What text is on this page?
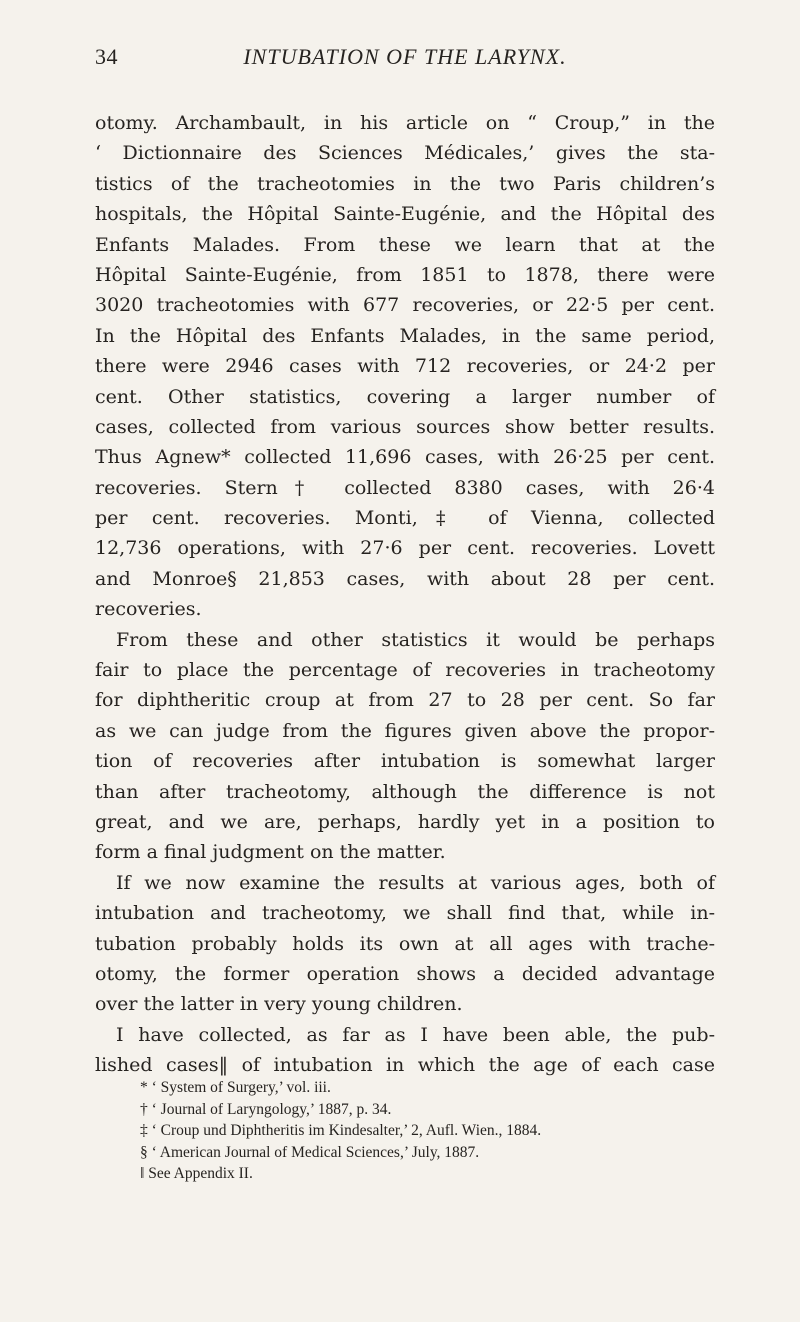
34	INTUBATION OF THE LARYNX.
otomy. Archambault, in his article on “ Croup,” in the
‘ Dictionnaire des Sciences Médicales,’ gives the sta-
tistics of the tracheotomies in the two Paris children’s
hospitals, the Hôpital Sainte-Eugénie, and the Hôpital des
Enfants Malades. From these we learn that at the
Hôpital Sainte-Eugénie, from 1851 to 1878, there were
3020 tracheotomies with 677 recoveries, or 22·5 per cent.
In the Hôpital des Enfants Malades, in the same period,
there were 2946 cases with 712 recoveries, or 24·2 per
cent. Other statistics, covering a larger number of
cases, collected from various sources show better results.
Thus Agnew* collected 11,696 cases, with 26·25 per cent.
recoveries. Stern† collected 8380 cases, with 26·4
per cent. recoveries. Monti,‡ of Vienna, collected
12,736 operations, with 27·6 per cent. recoveries. Lovett
and Monroe§ 21,853 cases, with about 28 per cent.
recoveries.
From these and other statistics it would be perhaps
fair to place the percentage of recoveries in tracheotomy
for diphtheritic croup at from 27 to 28 per cent. So far
as we can judge from the figures given above the propor-
tion of recoveries after intubation is somewhat larger
than after tracheotomy, although the difference is not
great, and we are, perhaps, hardly yet in a position to
form a final judgment on the matter.
If we now examine the results at various ages, both of
intubation and tracheotomy, we shall find that, while in-
tubation probably holds its own at all ages with trache-
otomy, the former operation shows a decided advantage
over the latter in very young children.
I have collected, as far as I have been able, the pub-
lished cases‖ of intubation in which the age of each case
* ‘ System of Surgery,’ vol. iii.
† ‘ Journal of Laryngology,’ 1887, p. 34.
‡ ‘ Croup und Diphtheritis im Kindesalter,’ 2, Aufl. Wien., 1884.
§ ‘ American Journal of Medical Sciences,’ July, 1887.
‖ See Appendix II.
